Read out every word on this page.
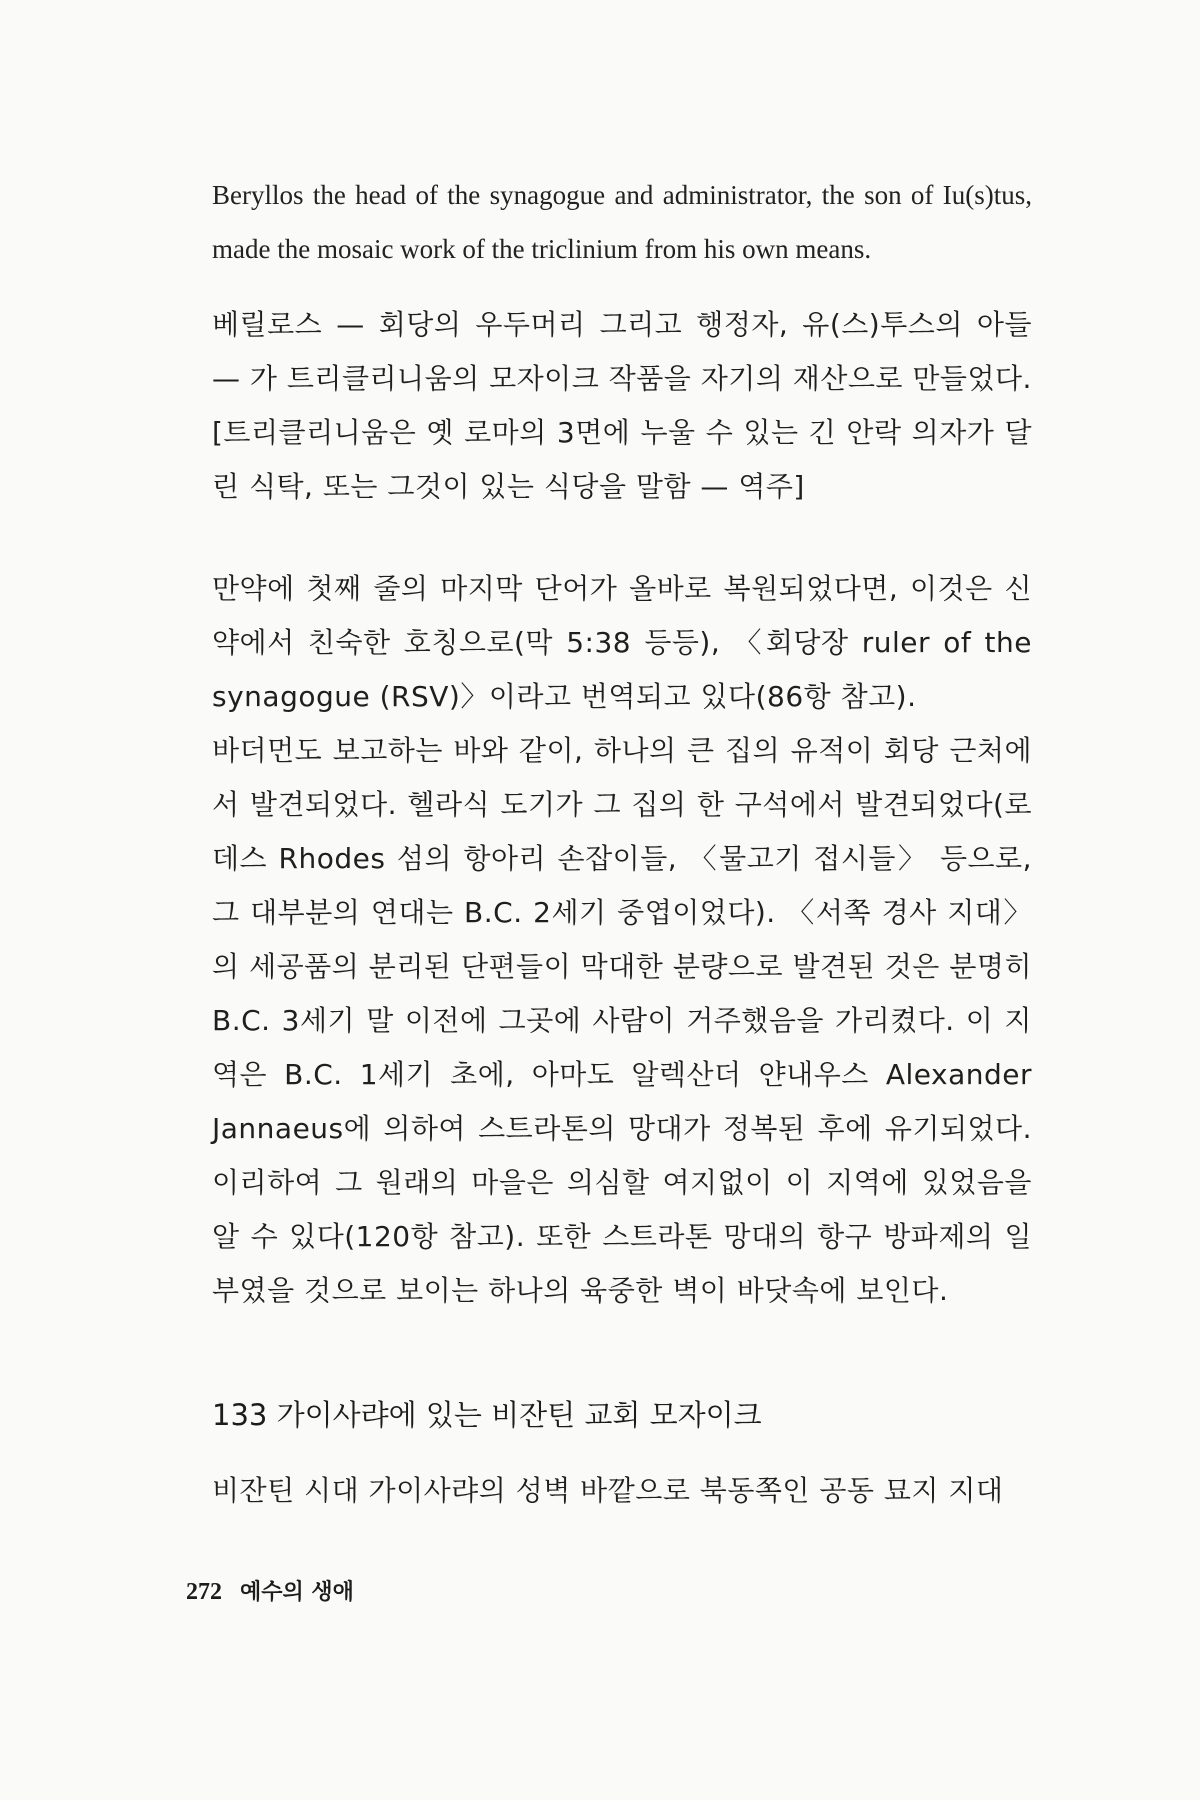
Beryllos the head of the synagogue and administrator, the son of Iu(s)tus, made the mosaic work of the triclinium from his own means.

베릴로스 — 회당의 우두머리 그리고 행정자, 유(스)투스의 아들 — 가 트리클리니움의 모자이크 작품을 자기의 재산으로 만들었다.

[트리클리니움은 옛 로마의 3면에 누울 수 있는 긴 안락 의자가 달린 식탁, 또는 그것이 있는 식당을 말함 — 역주]

만약에 첫째 줄의 마지막 단어가 올바로 복원되었다면, 이것은 신약에서 친숙한 호칭으로(막 5:38 등등), 〈회당장 ruler of the synagogue (RSV)〉이라고 번역되고 있다(86항 참고).

바더먼도 보고하는 바와 같이, 하나의 큰 집의 유적이 회당 근처에서 발견되었다. 헬라식 도기가 그 집의 한 구석에서 발견되었다(로데스 Rhodes 섬의 항아리 손잡이들, 〈물고기 접시들〉 등으로, 그 대부분의 연대는 B.C. 2세기 중엽이었다). 〈서쪽 경사 지대〉의 세공품의 분리된 단편들이 막대한 분량으로 발견된 것은 분명히 B.C. 3세기 말 이전에 그곳에 사람이 거주했음을 가리켰다. 이 지역은 B.C. 1세기 초에, 아마도 알렉산더 얀내우스 Alexander Jannaeus에 의하여 스트라톤의 망대가 정복된 후에 유기되었다. 이리하여 그 원래의 마을은 의심할 여지없이 이 지역에 있었음을 알 수 있다(120항 참고). 또한 스트라톤 망대의 항구 방파제의 일부였을 것으로 보이는 하나의 육중한 벽이 바닷속에 보인다.

133 가이사랴에 있는 비잔틴 교회 모자이크

비잔틴 시대 가이사랴의 성벽 바깥으로 북동쪽인 공동 묘지 지대

272 예수의 생애
